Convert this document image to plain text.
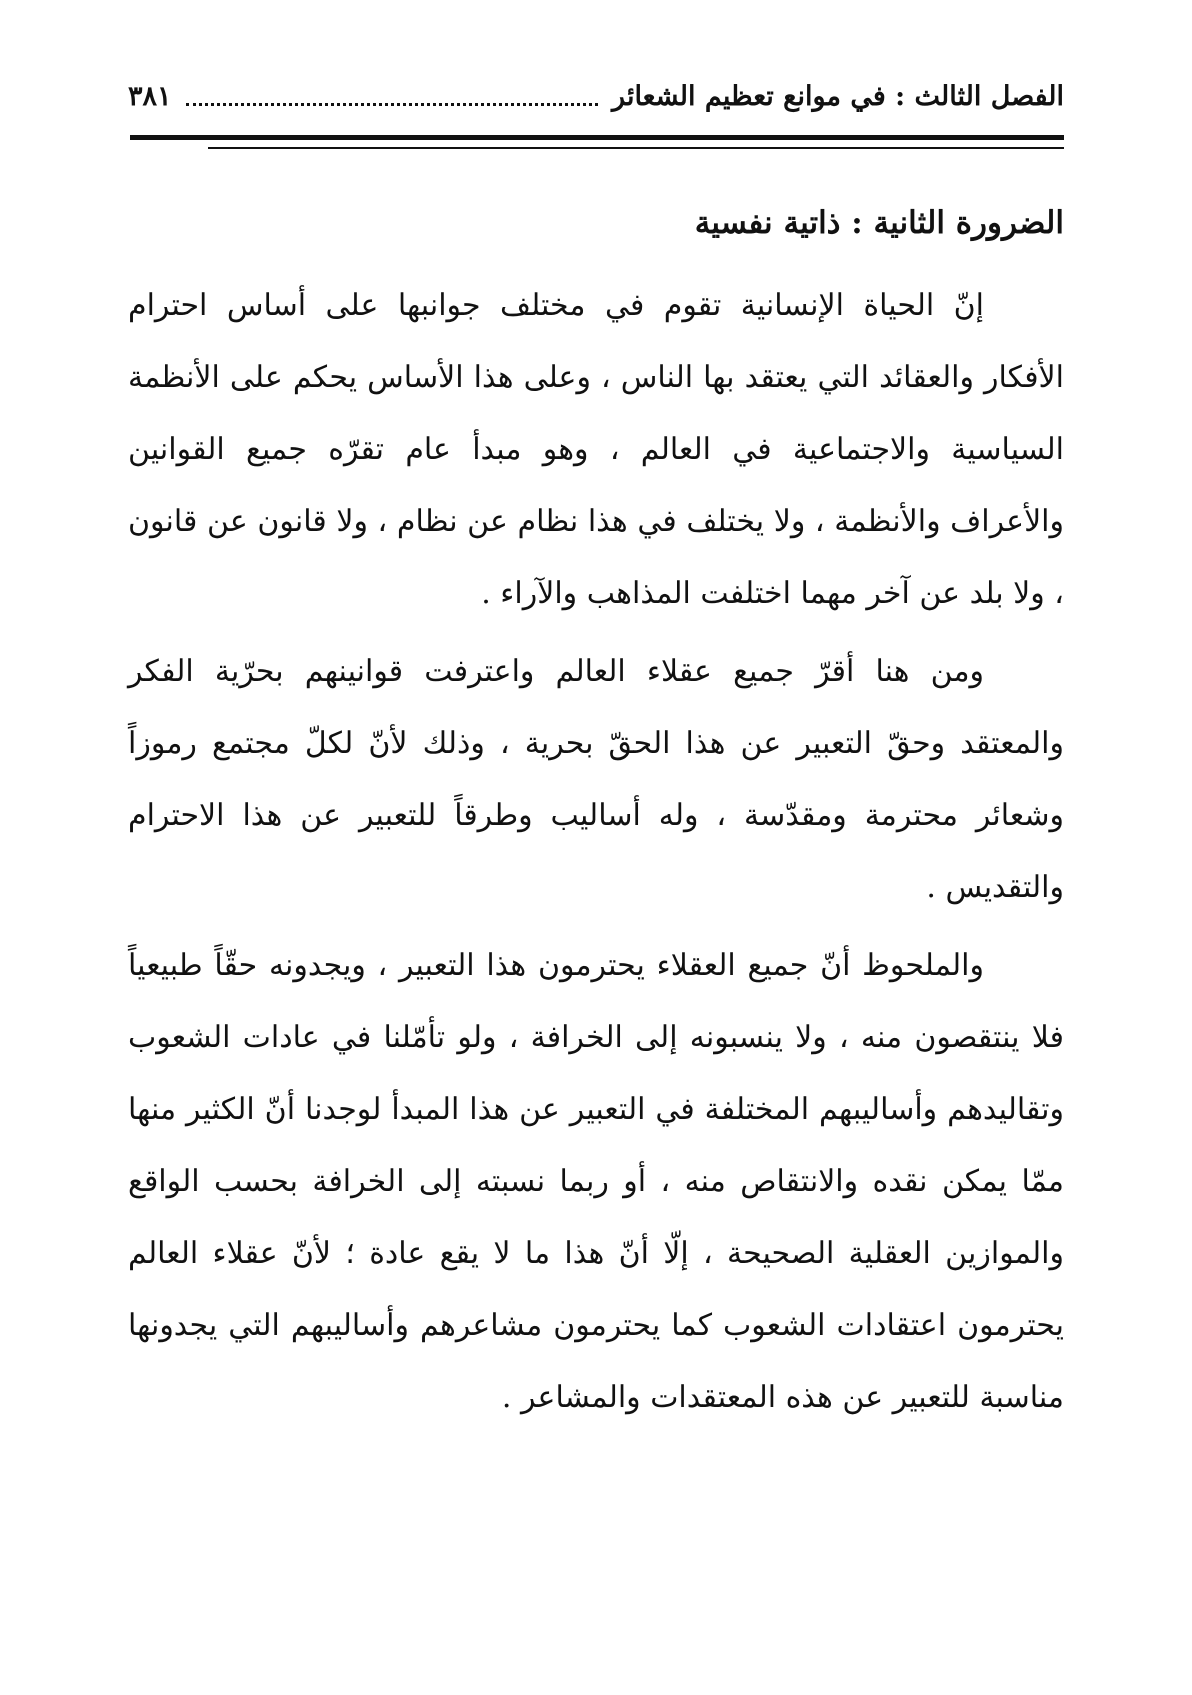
الفصل الثالث : في موانع تعظيم الشعائر
٣٨١
الضرورة الثانية : ذاتية نفسية

إنّ الحياة الإنسانية تقوم في مختلف جوانبها على أساس احترام الأفكار والعقائد التي يعتقد بها الناس ، وعلى هذا الأساس يحكم على الأنظمة السياسية والاجتماعية في العالم ، وهو مبدأ عام تقرّه جميع القوانين والأعراف والأنظمة ، ولا يختلف في هذا نظام عن نظام ، ولا قانون عن قانون ، ولا بلد عن آخر مهما اختلفت المذاهب والآراء .

ومن هنا أقرّ جميع عقلاء العالم واعترفت قوانينهم بحرّية الفكر والمعتقد وحقّ التعبير عن هذا الحقّ بحرية ، وذلك لأنّ لكلّ مجتمع رموزاً وشعائر محترمة ومقدّسة ، وله أساليب وطرقاً للتعبير عن هذا الاحترام والتقديس .

والملحوظ أنّ جميع العقلاء يحترمون هذا التعبير ، ويجدونه حقّاً طبيعياً فلا ينتقصون منه ، ولا ينسبونه إلى الخرافة ، ولو تأمّلنا في عادات الشعوب وتقاليدهم وأساليبهم المختلفة في التعبير عن هذا المبدأ لوجدنا أنّ الكثير منها ممّا يمكن نقده والانتقاص منه ، أو ربما نسبته إلى الخرافة بحسب الواقع والموازين العقلية الصحيحة ، إلّا أنّ هذا ما لا يقع عادة ؛ لأنّ عقلاء العالم يحترمون اعتقادات الشعوب كما يحترمون مشاعرهم وأساليبهم التي يجدونها مناسبة للتعبير عن هذه المعتقدات والمشاعر .
